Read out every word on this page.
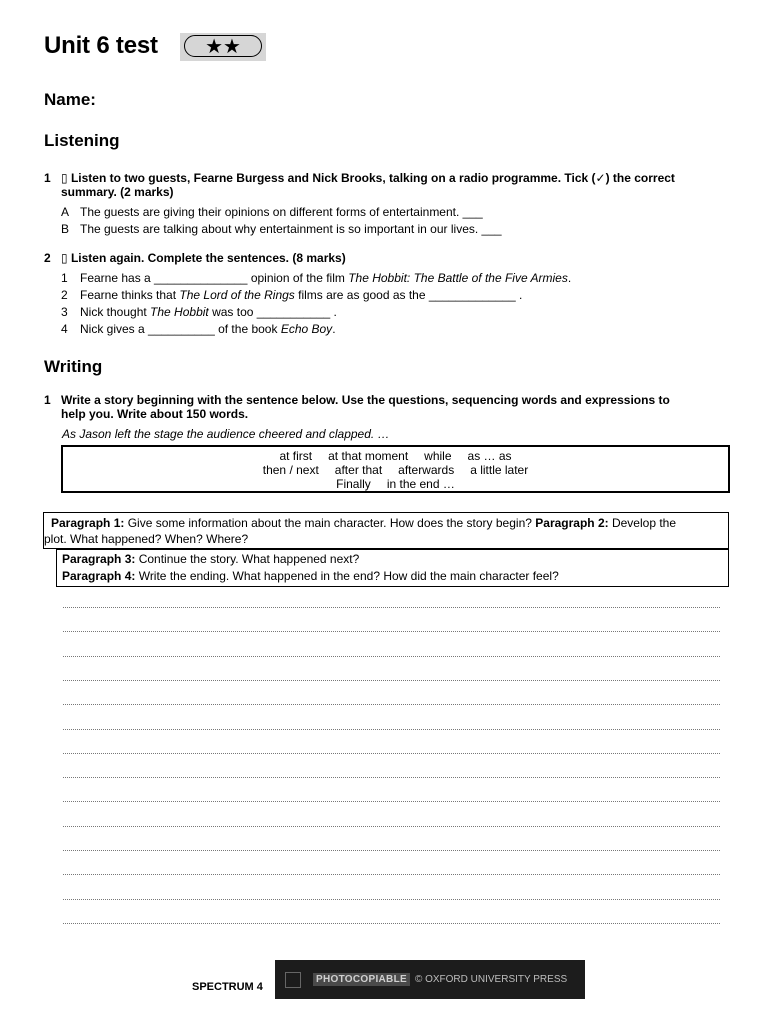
Unit 6 test	★★
Name:
Listening
1 ▯ Listen to two guests, Fearne Burgess and Nick Brooks, talking on a radio programme. Tick (✓) the correct
summary. (2 marks)
A The guests are giving their opinions on different forms of entertainment. ___
B The guests are talking about why entertainment is so important in our lives. ___
2 ▯ Listen again. Complete the sentences. (8 marks)
1 Fearne has a ______________ opinion of the film The Hobbit: The Battle of the Five Armies.
2 Fearne thinks that The Lord of the Rings films are as good as the _____________ .
3 Nick thought The Hobbit was too ___________ .
4 Nick gives a __________ of the book Echo Boy.
Writing
1 Write a story beginning with the sentence below. Use the questions, sequencing words and expressions to
help you. Write about 150 words.
As Jason left the stage the audience cheered and clapped. …
at first at that moment while as … as
then / next after that afterwards a little later
Finally in the end …
Paragraph 1: Give some information about the main character. How does the story begin? Paragraph 2: Develop the
plot. What happened? When? Where?
Paragraph 3: Continue the story. What happened next?
Paragraph 4: Write the ending. What happened in the end? How did the main character feel?
SPECTRUM 4
PHOTOCOPIABLE © OXFORD UNIVERSITY PRESS
